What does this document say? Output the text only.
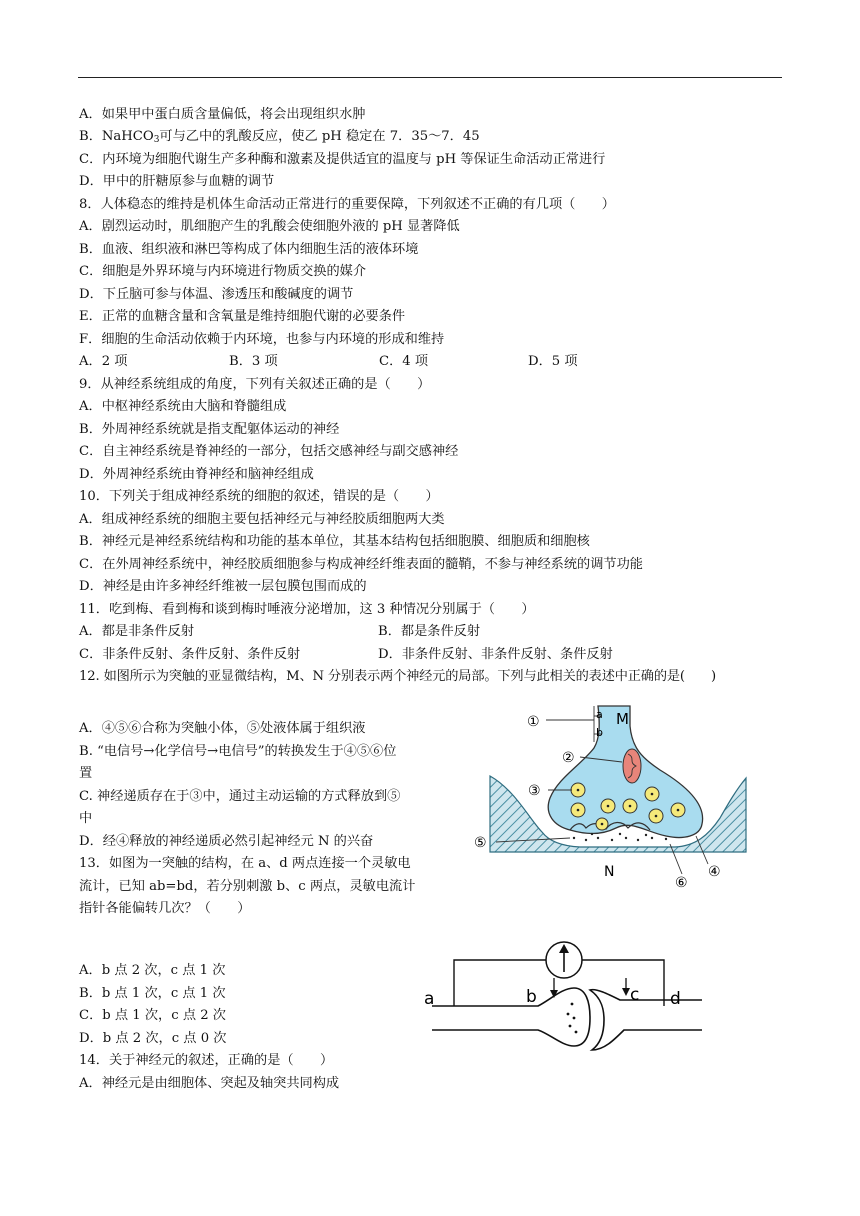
A．如果甲中蛋白质含量偏低，将会出现组织水肿
B．NaHCO$_3$可与乙中的乳酸反应，使乙 pH 稳定在 7．35～7．45
C．内环境为细胞代谢生产多种酶和激素及提供适宜的温度与 pH 等保证生命活动正常进行
D．甲中的肝糖原参与血糖的调节
8．人体稳态的维持是机体生命活动正常进行的重要保障，下列叙述不正确的有几项（　　）
A．剧烈运动时，肌细胞产生的乳酸会使细胞外液的 pH 显著降低
B．血液、组织液和淋巴等构成了体内细胞生活的液体环境
C．细胞是外界环境与内环境进行物质交换的媒介
D．下丘脑可参与体温、渗透压和酸碱度的调节
E．正常的血糖含量和含氧量是维持细胞代谢的必要条件
F．细胞的生命活动依赖于内环境，也参与内环境的形成和维持
A．2 项	B．3 项	C．4 项	D．5 项
9．从神经系统组成的角度，下列有关叙述正确的是（　　）
A．中枢神经系统由大脑和脊髓组成
B．外周神经系统就是指支配躯体运动的神经
C．自主神经系统是脊神经的一部分，包括交感神经与副交感神经
D．外周神经系统由脊神经和脑神经组成
10．下列关于组成神经系统的细胞的叙述，错误的是（　　）
A．组成神经系统的细胞主要包括神经元与神经胶质细胞两大类
B．神经元是神经系统结构和功能的基本单位，其基本结构包括细胞膜、细胞质和细胞核
C．在外周神经系统中，神经胶质细胞参与构成神经纤维表面的髓鞘，不参与神经系统的调节功能
D．神经是由许多神经纤维被一层包膜包围而成的
11．吃到梅、看到梅和谈到梅时唾液分泌增加，这 3 种情况分别属于（　　）
A．都是非条件反射	B．都是条件反射
C．非条件反射、条件反射、条件反射	D．非条件反射、非条件反射、条件反射
12. 如图所示为突触的亚显微结构，M、N 分别表示两个神经元的局部。下列与此相关的表述中正确的是(　　)
A．④⑤⑥合称为突触小体，⑤处液体属于组织液
B. “电信号→化学信号→电信号”的转换发生于④⑤⑥位
置
C. 神经递质存在于③中，通过主动运输的方式释放到⑤
中
D．经④释放的神经递质必然引起神经元 N 的兴奋
13．如图为一突触的结构，在 a、d 两点连接一个灵敏电
流计，已知 ab=bd，若分别刺激 b、c 两点，灵敏电流计
指针各能偏转几次？（　　）
A．b 点 2 次，c 点 1 次
B．b 点 1 次，c 点 1 次
C．b 点 1 次，c 点 2 次
D．b 点 2 次，c 点 0 次
14．关于神经元的叙述，正确的是（　　）
A．神经元是由细胞体、突起及轴突共同构成
①	a
b
M
②
③
⑤
N
⑥
④
a	b	c d
